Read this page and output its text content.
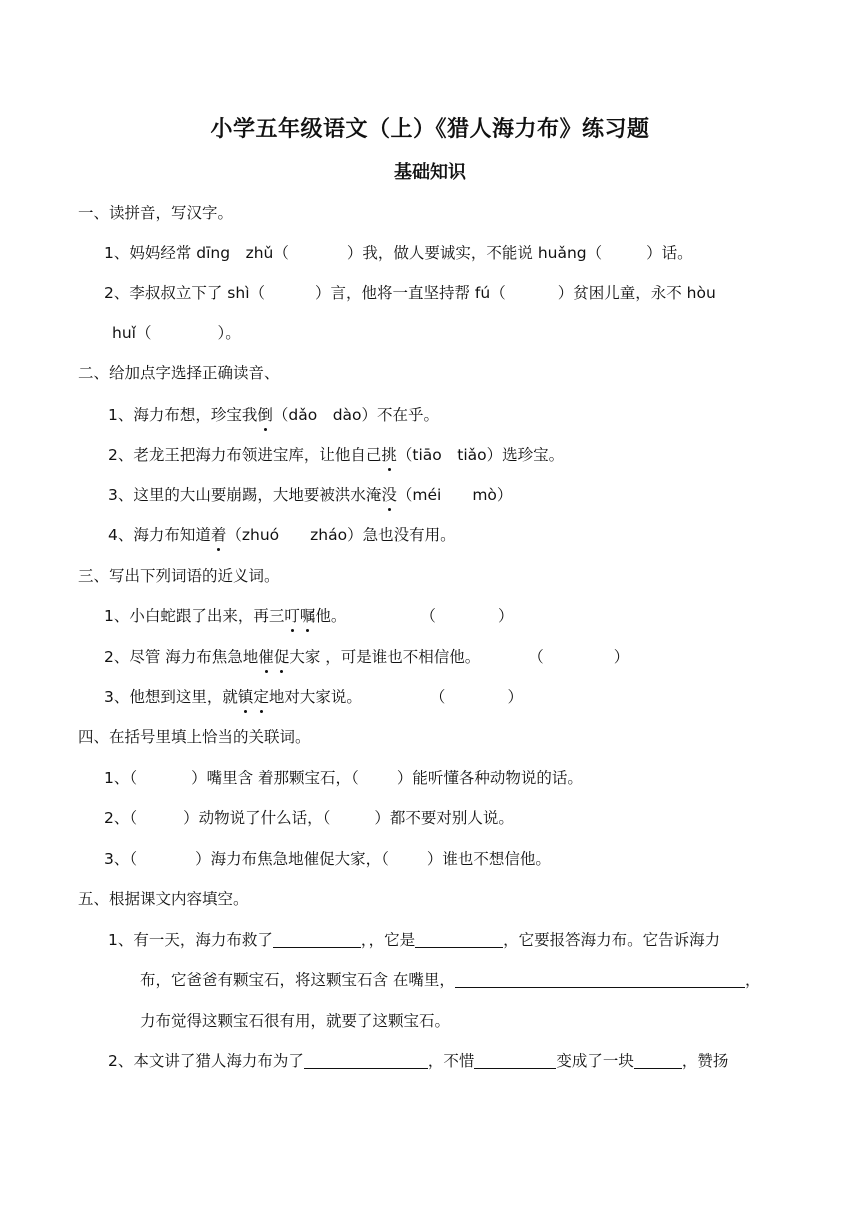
小学五年级语文（上）《猎人海力布》练习题
基础知识
一、读拼音，写汉字。
1、妈妈经常 dīng　zhǔ（	）我，做人要诚实，不能说 huǎng（	）话。
2、李叔叔立下了 shì（	）言，他将一直坚持帮 fú（	）贫困儿童，永不 hòu
huǐ（	）。
二、给加点字选择正确读音、
1、海力布想，珍宝我倒（dǎo　dào）不在乎。
2、老龙王把海力布领进宝库，让他自己挑（tiāo　tiǎo）选珍宝。
3、这里的大山要崩踢，大地要被洪水淹没（méi　　mò）
4、海力布知道着（zhuó　　zháo）急也没有用。
三、写出下列词语的近义词。
1、小白蛇跟了出来，再三叮嘱他。	（	）
2、尽管 海力布焦急地催促大家 ，可是谁也不相信他。	（	）
3、他想到这里，就镇定地对大家说。	（	）
四、在括号里填上恰当的关联词。
1、（	）嘴里含 着那颗宝石，（ ）能听懂各种动物说的话。
2、（	）动物说了什么话，（	）都不要对别人说。
3、（	）海力布焦急地催促大家，（ ）谁也不想信他。
五、根据课文内容填空。
1、有一天，海力布救了	，，它是	，它要报答海力布。它告诉海力
布，它爸爸有颗宝石，将这颗宝石含 在嘴里，	，
力布觉得这颗宝石很有用，就要了这颗宝石。
2、本文讲了猎人海力布为了	，不惜	变成了一块	，赞扬
